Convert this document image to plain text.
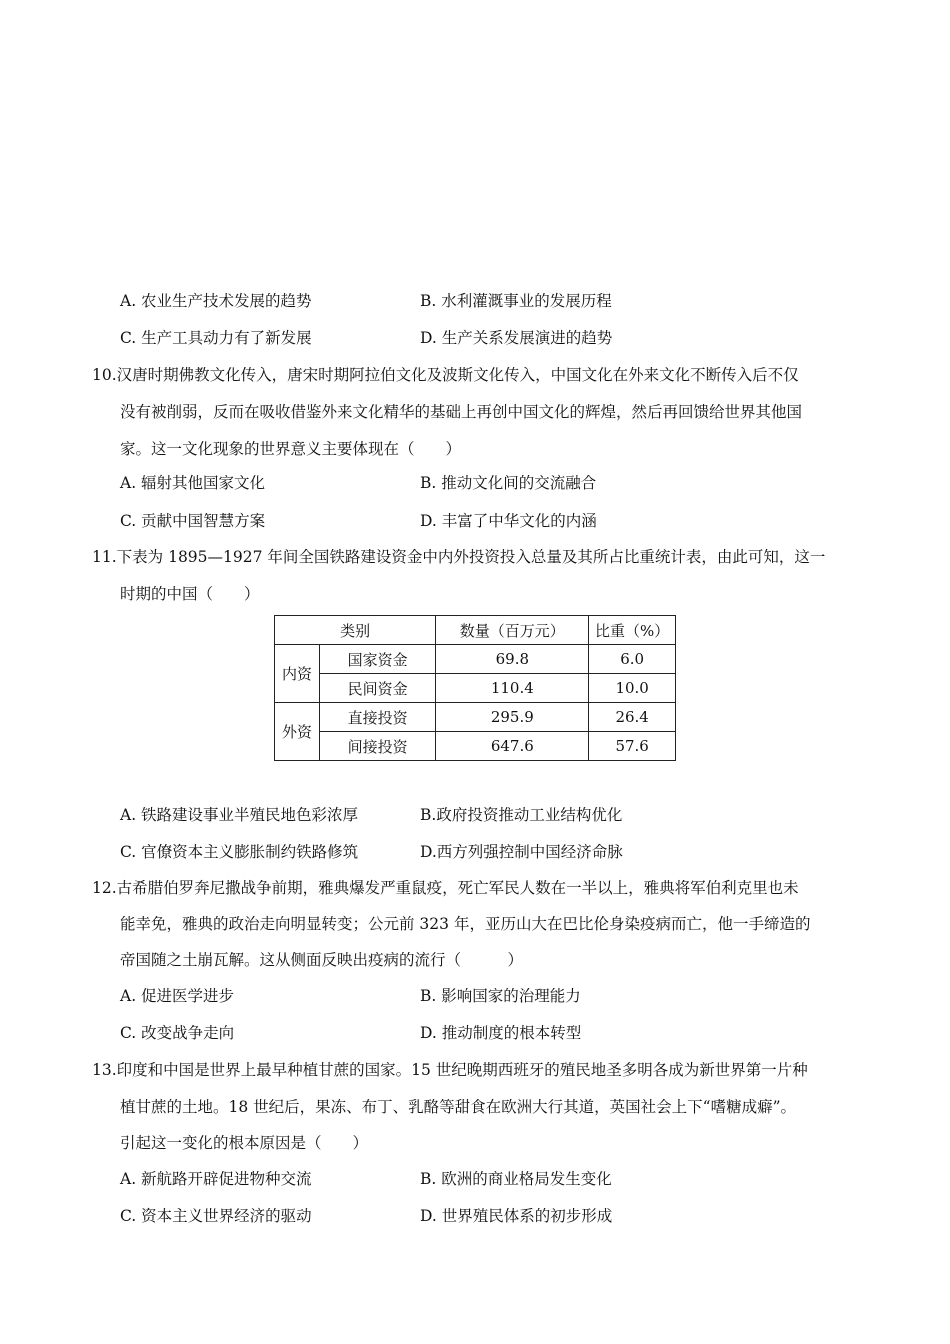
A. 农业生产技术发展的趋势	B. 水利灌溉事业的发展历程
C. 生产工具动力有了新发展	D. 生产关系发展演进的趋势
10.汉唐时期佛教文化传入，唐宋时期阿拉伯文化及波斯文化传入，中国文化在外来文化不断传入后不仅
没有被削弱，反而在吸收借鉴外来文化精华的基础上再创中国文化的辉煌，然后再回馈给世界其他国
家。这一文化现象的世界意义主要体现在（　　）
A. 辐射其他国家文化	B. 推动文化间的交流融合
C. 贡献中国智慧方案	D. 丰富了中华文化的内涵
11.下表为 1895—1927 年间全国铁路建设资金中内外投资投入总量及其所占比重统计表，由此可知，这一
时期的中国（　　）
类别		数量（百万元）	比重（%）
内资	国家资金	69.8	6.0
	民间资金	110.4	10.0
外资	直接投资	295.9	26.4
	间接投资	647.6	57.6
A. 铁路建设事业半殖民地色彩浓厚	B.政府投资推动工业结构优化
C. 官僚资本主义膨胀制约铁路修筑	D.西方列强控制中国经济命脉
12.古希腊伯罗奔尼撒战争前期，雅典爆发严重鼠疫，死亡军民人数在一半以上，雅典将军伯利克里也未
能幸免，雅典的政治走向明显转变；公元前 323 年，亚历山大在巴比伦身染疫病而亡，他一手缔造的
帝国随之土崩瓦解。这从侧面反映出疫病的流行（　　　）
A. 促进医学进步	B. 影响国家的治理能力
C. 改变战争走向	D. 推动制度的根本转型
13.印度和中国是世界上最早种植甘蔗的国家。15 世纪晚期西班牙的殖民地圣多明各成为新世界第一片种
植甘蔗的土地。18 世纪后，果冻、布丁、乳酪等甜食在欧洲大行其道，英国社会上下“嗜糖成癖”。
引起这一变化的根本原因是（　　）
A. 新航路开辟促进物种交流	B. 欧洲的商业格局发生变化
C. 资本主义世界经济的驱动	D. 世界殖民体系的初步形成
